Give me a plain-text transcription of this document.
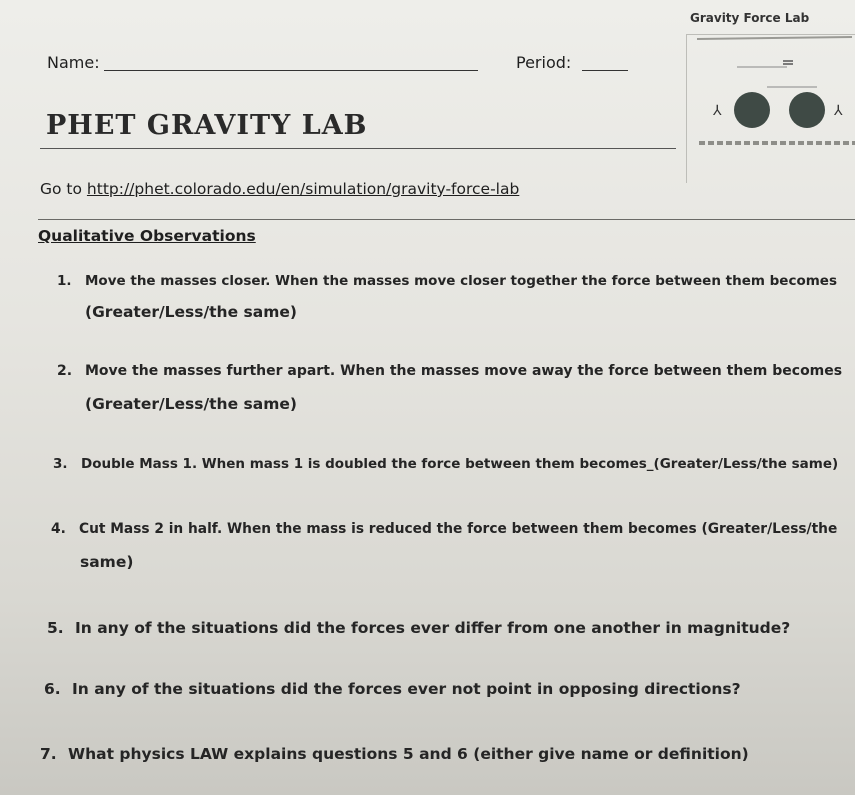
Gravity Force Lab
⅄	⅄
Name:	Period:
PHET GRAVITY LAB
Go to http://phet.colorado.edu/en/simulation/gravity-force-lab
Qualitative Observations
1. Move the masses closer. When the masses move closer together the force between them becomes
(Greater/Less/the same)
2. Move the masses further apart. When the masses move away the force between them becomes
(Greater/Less/the same)
3. Double Mass 1. When mass 1 is doubled the force between them becomes_(Greater/Less/the same)
4. Cut Mass 2 in half. When the mass is reduced the force between them becomes (Greater/Less/the
same)
5. In any of the situations did the forces ever differ from one another in magnitude?
6. In any of the situations did the forces ever not point in opposing directions?
7. What physics LAW explains questions 5 and 6 (either give name or definition)
